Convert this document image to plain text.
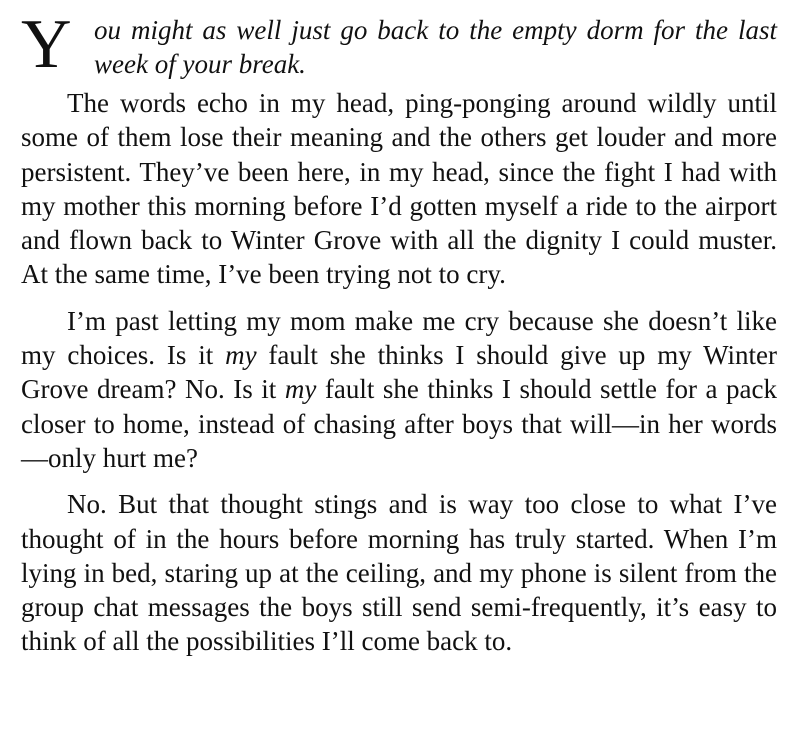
Y ou might as well just go back to the empty dorm for the last week of your break.

The words echo in my head, ping-ponging around wildly until some of them lose their meaning and the others get louder and more persistent. They’ve been here, in my head, since the fight I had with my mother this morning before I’d gotten myself a ride to the airport and flown back to Winter Grove with all the dignity I could muster. At the same time, I’ve been trying not to cry.

I’m past letting my mom make me cry because she doesn’t like my choices. Is it my fault she thinks I should give up my Winter Grove dream? No. Is it my fault she thinks I should settle for a pack closer to home, instead of chasing after boys that will—in her words—only hurt me?

No. But that thought stings and is way too close to what I’ve thought of in the hours before morning has truly started. When I’m lying in bed, staring up at the ceiling, and my phone is silent from the group chat messages the boys still send semi-frequently, it’s easy to think of all the possibilities I’ll come back to.
